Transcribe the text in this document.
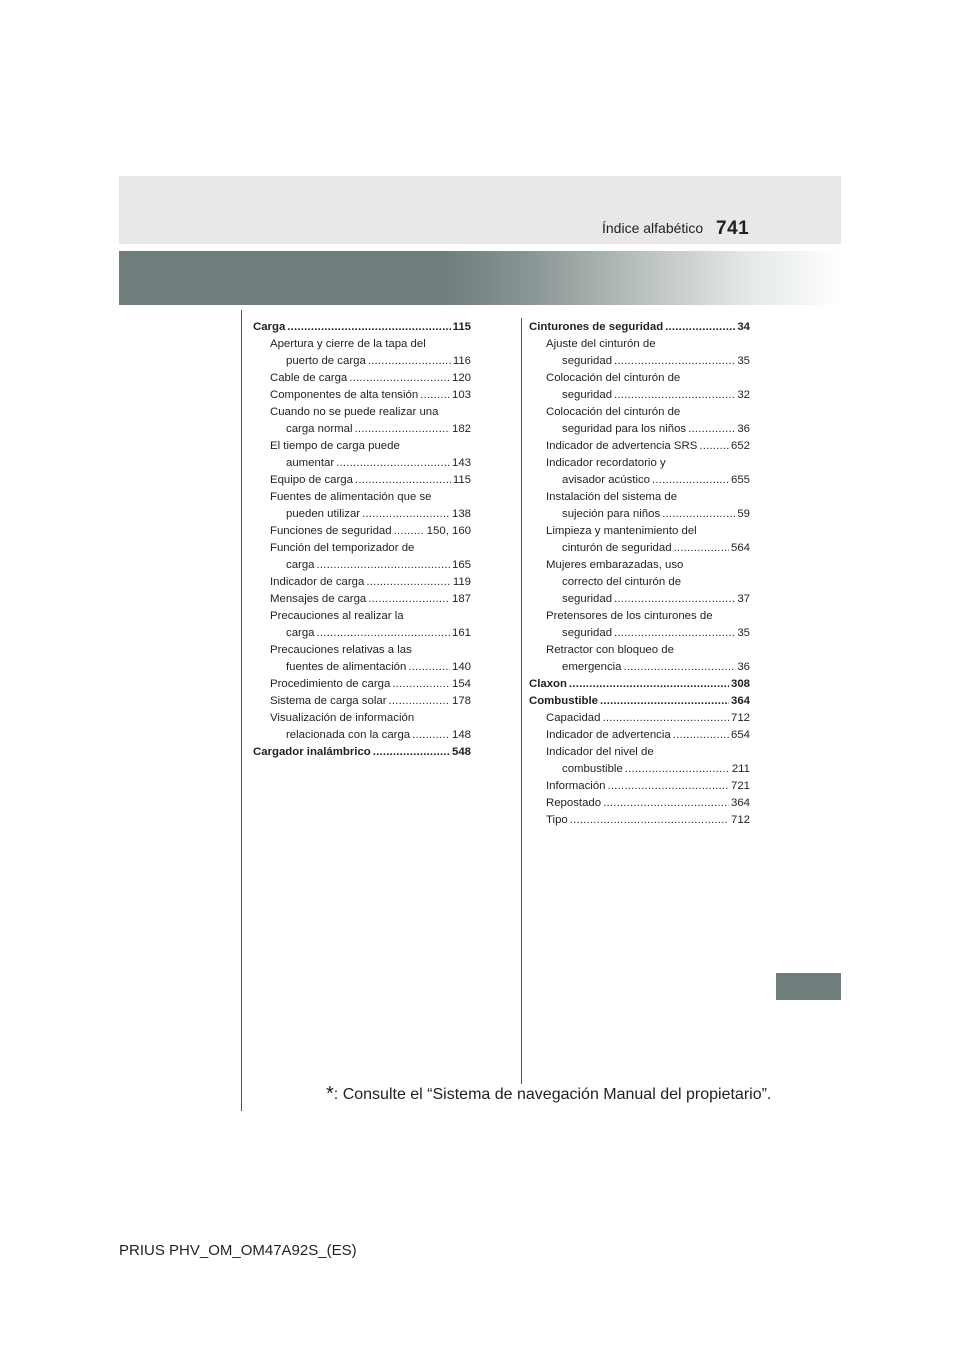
Índice alfabético 741
Carga .....	115
Apertura y cierre de la tapa del
puerto de carga .....	116
Cable de carga .....	120
Componentes de alta tensión .....	103
Cuando no se puede realizar una
carga normal .....	182
El tiempo de carga puede
aumentar .....	143
Equipo de carga .....	115
Fuentes de alimentación que se
pueden utilizar .....	138
Funciones de seguridad .....	150, 160
Función del temporizador de
carga .....	165
Indicador de carga .....	119
Mensajes de carga .....	187
Precauciones al realizar la
carga .....	161
Precauciones relativas a las
fuentes de alimentación .....	140
Procedimiento de carga .....	154
Sistema de carga solar .....	178
Visualización de información
relacionada con la carga .....	148
Cargador inalámbrico .....	548
Cinturones de seguridad .....	34
Ajuste del cinturón de
seguridad .....	35
Colocación del cinturón de
seguridad .....	32
Colocación del cinturón de
seguridad para los niños .....	36
Indicador de advertencia SRS .....	652
Indicador recordatorio y
avisador acústico .....	655
Instalación del sistema de
sujeción para niños .....	59
Limpieza y mantenimiento del
cinturón de seguridad .....	564
Mujeres embarazadas, uso
correcto del cinturón de
seguridad .....	37
Pretensores de los cinturones de
seguridad .....	35
Retractor con bloqueo de
emergencia .....	36
Claxon .....	308
Combustible .....	364
Capacidad .....	712
Indicador de advertencia .....	654
Indicador del nivel de
combustible .....	211
Información .....	721
Repostado .....	364
Tipo .....	712
*: Consulte el “Sistema de navegación Manual del propietario”.
PRIUS PHV_OM_OM47A92S_(ES)
